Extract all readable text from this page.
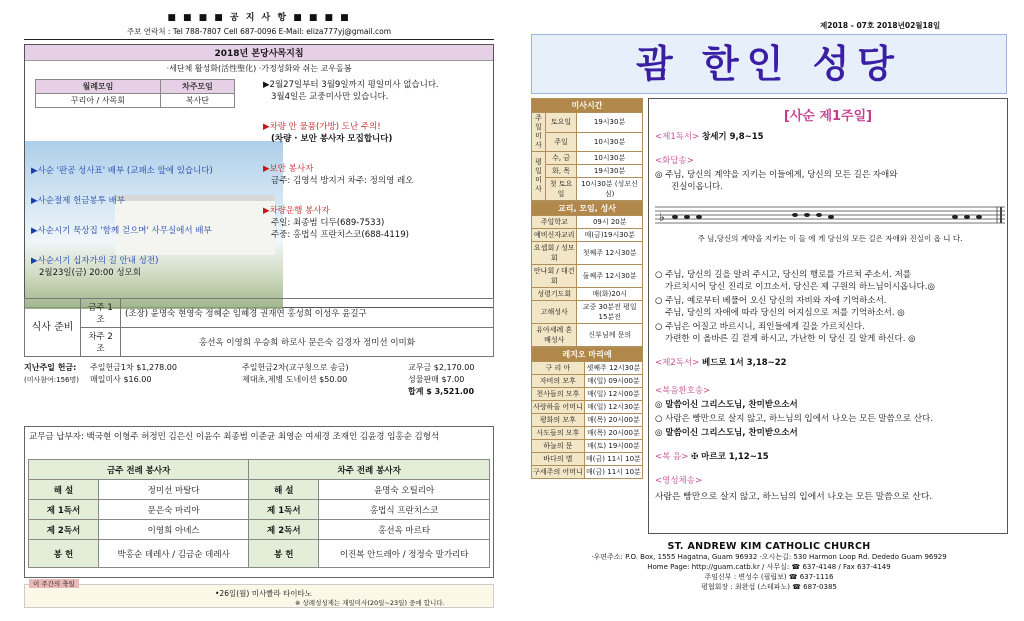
■ ■ ■ ■ 공 지 사 항 ■ ■ ■ ■
주보 연락처 : Tel 788-7807 Cell 687-0096 E-Mail: eliza777yj@gmail.com
2018년 본당사목지침
·세단체 활성화(活性聖化) ·가정성화와 쉬는 교우돌봄
월례모임	차주모임
꾸리아 / 사목회	복사단
▶사순 '판공 성사표' 배부 (교패소 앞에 있습니다)
▶사순절제 헌금봉투 배부
▶사순시기 묵상집 '함께 걷으며' 사무실에서 배부
▶사순시기 십자가의 길 안내 성전)
2월23일(금) 20:00 성모회
▶2월27일부터 3월9일까지 평일미사 없습니다.
3월4일은 교중미사만 있습니다.
▶차량 안 물품(가방) 도난 주의!
(차량 · 보안 봉사자 모집합니다)
▶보안 봉사자
금주: 김영석 방지거 차주: 정의영 레오
▶차량운행 봉사자
주일: 최종범 디두(689-7533)
주중: 홍법식 프란치스코(688-4119)
식사 준비	금주 1조	(조장) 윤명숙 현영숙 정혜순 임혜경 권재연 홍성희 이성우 윤길구
	차주 2조	홍선옥 이영희 우승희 하로사 문은숙 김경자 정미선 이미화
지난주일 헌금:
(미사참여:156명)
주일헌금1차 $1,278.00
매일미사 $16.00
주일헌금2차(교구청으로 송금)
제대초,제병 도네이션 $50.00
교무금 $2,170.00
성물판매 $7.00
합계 $ 3,521.00
교무금 납부자: 백국현 이형주 허정민 김은신 이윤수 최종범 이준균 최영순 여세경 조재인 김윤경 임홍순 김형석
금주 전례 봉사자		차주 전례 봉사자	
해 설	정미선 마탈다	해 설	윤명숙 오틸리아
제 1독서	문은숙 마리아	제 1독서	홍법식 프란치스코
제 2독서	이영희 아녜스	제 2독서	홍선옥 마르타
봉 헌	박홍순 데레사 / 김금순 데레사	봉 헌	이진복 안드레아 / 정정숙 말가리타
이 주간의 축일
•26일(월) 미사빨라 타이타노
※ 상례성성제는 재일미사(20일~23일) 중에 합니다.
제2018 - 07호 2018년02월18일
괌 한인 성당
미사시간		
주일미사	토요일	19시30분
	주일	10시30분
평일미사	수, 금	10시30분
	화, 목	19시30분
	첫 토요일	10시30분 (성모신심)
교리, 모임, 성사	
주일학교	09시 20분
예비신자교리	매(금)19시30분
요셉회 / 성모회	첫째주 12시30분
안나회 / 대건회	둘째주 12시30분
성령기도회	매(화)20시
고해성사	교중 30분전 평일 15분전
유아세례 혼배성사	신부님께 문의
레지오 마리애	
구 리 아	셋째주 12시30분
자비의 모후	매(일) 09시00분
천사들의 모후	매(일) 12시00분
사랑하올 어머니	매(일) 12시30분
평화의 모후	매(목) 20시00분
사도들의 모후	매(목) 20시00분
하늘의 문	매(토) 19시00분
바다의 별	매(금) 11시 10분
구세주의 어머니	매(금) 11시 10분
[사순 제1주일]
<제1독서> 창세기 9,8~15
<화답송>
◎ 주님, 당신의 계약을 지키는 이들에게, 당신의 모든 길은 자애와
진실이옵니다.
♭
주 님,당신의 계약을 지키는 이 들 에 게 당신의 모든 길은 자애와 진실이 옵 니 다.
○ 주님, 당신의 길을 알려 주시고, 당신의 행로를 가르쳐 주소서. 저를
가르치시어 당신 진리로 이끄소서. 당신은 제 구원의 하느님이시옵니다.◎
○ 주님, 예로부터 베풀어 오신 당신의 자비와 자애 기억하소서.
주님, 당신의 자애에 따라 당신의 어지심으로 저를 기억하소서. ◎
○ 주님은 어질고 바르시니, 죄인들에게 길을 가르치신다.
가련한 이 올바른 길 걷게 하시고, 가난한 이 당신 길 알게 하신다. ◎
<제2독서> 베드로 1서 3,18~22
<복음환호송>
◎ 말씀이신 그리스도님, 찬미받으소서
○ 사람은 빵만으로 살지 않고, 하느님의 입에서 나오는 모든 말씀으로 산다.
◎ 말씀이신 그리스도님, 찬미받으소서
<복 음> ✠ 마르코 1,12~15
<영성체송>
사람은 빵만으로 살지 않고, 하느님의 입에서 나오는 모든 말씀으로 산다.
ST. ANDREW KIM CATHOLIC CHURCH
·우편주소: P.O. Box, 1555 Hagatna, Guam 96932 ·오시는길: 530 Harmon Loop Rd. Dededo Guam 96929
Home Page: http://guam.catb.kr / 사무실: ☎ 637-4148 / Fax 637-4149
주임신부 : 변성수 (필립보) ☎ 637-1116
평협회장 : 최완섭 (스테파노) ☎ 687-0385
